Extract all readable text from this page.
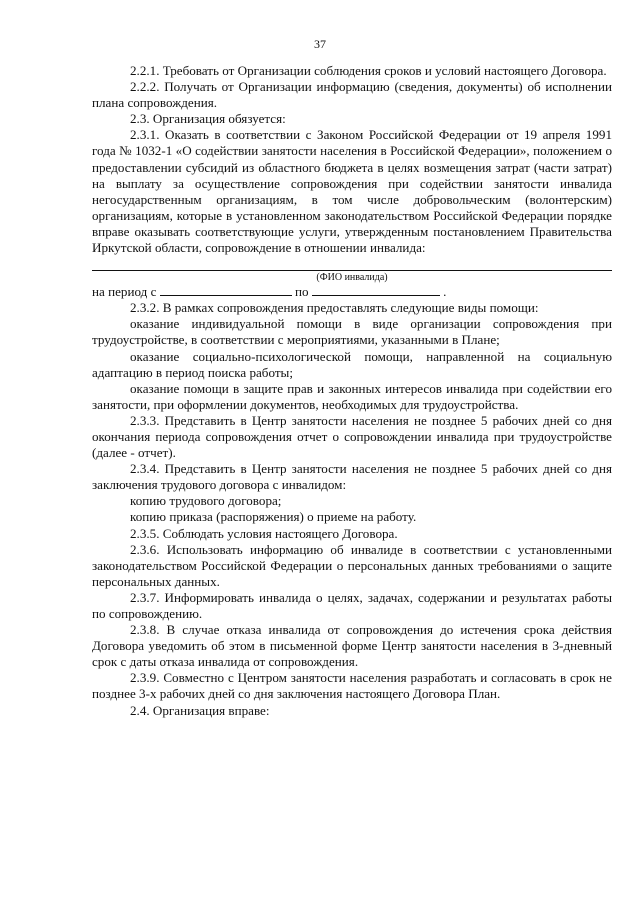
37

2.2.1. Требовать от Организации соблюдения сроков и условий настоящего Договора.

2.2.2. Получать от Организации информацию (сведения, документы) об исполнении плана сопровождения.

2.3. Организация обязуется:

2.3.1. Оказать в соответствии с Законом Российской Федерации от 19 апреля 1991 года № 1032-1 «О содействии занятости населения в Российской Федерации», положением о предоставлении субсидий из областного бюджета в целях возмещения затрат (части затрат) на выплату за осуществление сопровождения при содействии занятости инвалида негосударственным организациям, в том числе добровольческим (волонтерским) организациям, которые в установленном законодательством Российской Федерации порядке вправе оказывать соответствующие услуги, утвержденным постановлением Правительства Иркутской области, сопровождение в отношении инвалида:

(ФИО инвалида)

на период с	по	.

2.3.2. В рамках сопровождения предоставлять следующие виды помощи:

оказание индивидуальной помощи в виде организации сопровождения при трудоустройстве, в соответствии с мероприятиями, указанными в Плане;

оказание социально-психологической помощи, направленной на социальную адаптацию в период поиска работы;

оказание помощи в защите прав и законных интересов инвалида при содействии его занятости, при оформлении документов, необходимых для трудоустройства.

2.3.3. Представить в Центр занятости населения не позднее 5 рабочих дней со дня окончания периода сопровождения отчет о сопровождении инвалида при трудоустройстве (далее - отчет).

2.3.4. Представить в Центр занятости населения не позднее 5 рабочих дней со дня заключения трудового договора с инвалидом:

копию трудового договора;

копию приказа (распоряжения) о приеме на работу.

2.3.5. Соблюдать условия настоящего Договора.

2.3.6. Использовать информацию об инвалиде в соответствии с установленными законодательством Российской Федерации о персональных данных требованиями о защите персональных данных.

2.3.7. Информировать инвалида о целях, задачах, содержании и результатах работы по сопровождению.

2.3.8. В случае отказа инвалида от сопровождения до истечения срока действия Договора уведомить об этом в письменной форме Центр занятости населения в 3-дневный срок с даты отказа инвалида от сопровождения.

2.3.9. Совместно с Центром занятости населения разработать и согласовать в срок не позднее 3-х рабочих дней со дня заключения настоящего Договора План.

2.4. Организация вправе:
